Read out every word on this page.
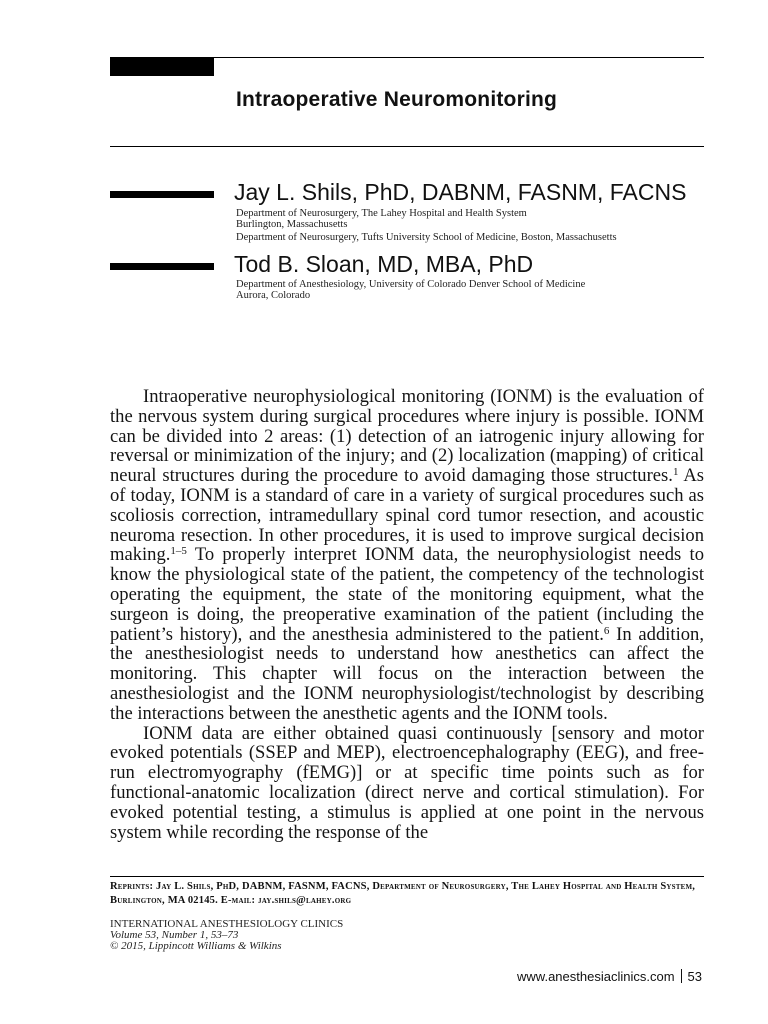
Intraoperative Neuromonitoring
Jay L. Shils, PhD, DABNM, FASNM, FACNS
Department of Neurosurgery, The Lahey Hospital and Health System
Burlington, Massachusetts
Department of Neurosurgery, Tufts University School of Medicine, Boston, Massachusetts
Tod B. Sloan, MD, MBA, PhD
Department of Anesthesiology, University of Colorado Denver School of Medicine
Aurora, Colorado

Intraoperative neurophysiological monitoring (IONM) is the evaluation of the nervous system during surgical procedures where injury is possible. IONM can be divided into 2 areas: (1) detection of an iatrogenic injury allowing for reversal or minimization of the injury; and (2) localization (mapping) of critical neural structures during the procedure to avoid damaging those structures.$^1$ As of today, IONM is a standard of care in a variety of surgical procedures such as scoliosis correction, intramedullary spinal cord tumor resection, and acoustic neuroma resection. In other procedures, it is used to improve surgical decision making.$^{1-5}$ To properly interpret IONM data, the neurophysiologist needs to know the physiological state of the patient, the competency of the technologist operating the equipment, the state of the monitoring equipment, what the surgeon is doing, the preoperative examination of the patient (including the patient’s history), and the anesthesia administered to the patient.$^6$ In addition, the anesthesiologist needs to understand how anesthetics can affect the monitoring. This chapter will focus on the interaction between the anesthesiologist and the IONM neurophysiologist/technologist by describing the interactions between the anesthetic agents and the IONM tools.

IONM data are either obtained quasi continuously [sensory and motor evoked potentials (SSEP and MEP), electroencephalography (EEG), and free-run electromyography (fEMG)] or at specific time points such as for functional-anatomic localization (direct nerve and cortical stimulation). For evoked potential testing, a stimulus is applied at one point in the nervous system while recording the response of the

Reprints: Jay L. Shils, PhD, DABNM, FASNM, FACNS, Department of Neurosurgery, The Lahey Hospital and Health System, Burlington, MA 02145. E-mail: jay.shils@lahey.org
INTERNATIONAL ANESTHESIOLOGY CLINICS
Volume 53, Number 1, 53–73
© 2015, Lippincott Williams & Wilkins
www.anesthesiaclinics.com 53
